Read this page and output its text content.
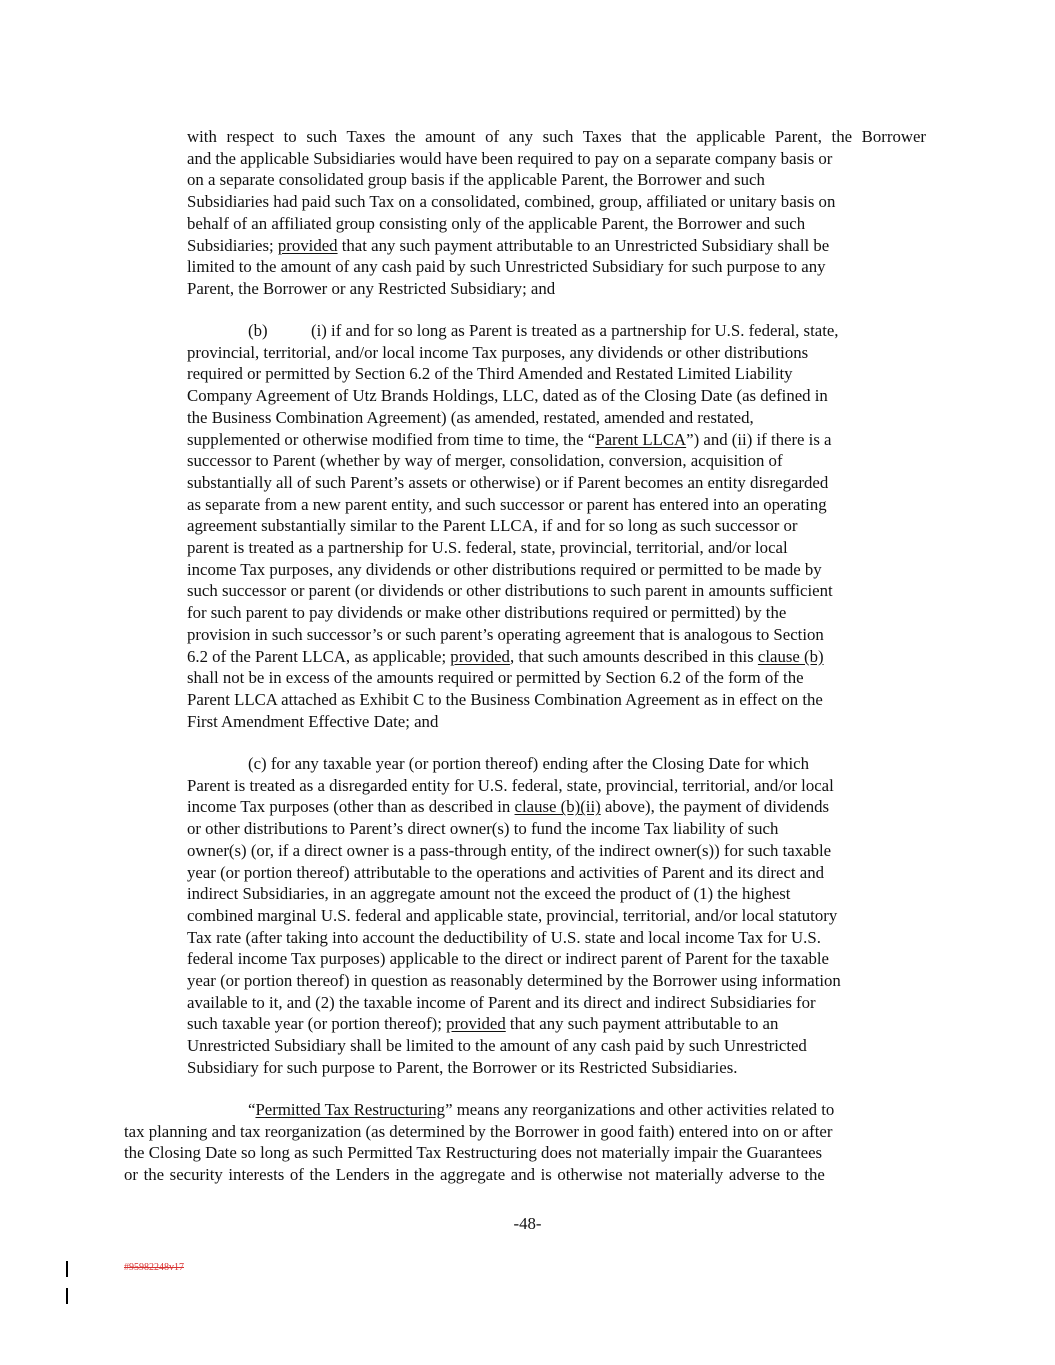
with respect to such Taxes the amount of any such Taxes that the applicable Parent, the Borrower
and the applicable Subsidiaries would have been required to pay on a separate company basis or
on a separate consolidated group basis if the applicable Parent, the Borrower and such
Subsidiaries had paid such Tax on a consolidated, combined, group, affiliated or unitary basis on
behalf of an affiliated group consisting only of the applicable Parent, the Borrower and such
Subsidiaries; provided that any such payment attributable to an Unrestricted Subsidiary shall be
limited to the amount of any cash paid by such Unrestricted Subsidiary for such purpose to any
Parent, the Borrower or any Restricted Subsidiary; and
(b)	(i) if and for so long as Parent is treated as a partnership for U.S. federal, state,
provincial, territorial, and/or local income Tax purposes, any dividends or other distributions
required or permitted by Section 6.2 of the Third Amended and Restated Limited Liability
Company Agreement of Utz Brands Holdings, LLC, dated as of the Closing Date (as defined in
the Business Combination Agreement) (as amended, restated, amended and restated,
supplemented or otherwise modified from time to time, the “Parent LLCA”) and (ii) if there is a
successor to Parent (whether by way of merger, consolidation, conversion, acquisition of
substantially all of such Parent’s assets or otherwise) or if Parent becomes an entity disregarded
as separate from a new parent entity, and such successor or parent has entered into an operating
agreement substantially similar to the Parent LLCA, if and for so long as such successor or
parent is treated as a partnership for U.S. federal, state, provincial, territorial, and/or local
income Tax purposes, any dividends or other distributions required or permitted to be made by
such successor or parent (or dividends or other distributions to such parent in amounts sufficient
for such parent to pay dividends or make other distributions required or permitted) by the
provision in such successor’s or such parent’s operating agreement that is analogous to Section
6.2 of the Parent LLCA, as applicable; provided, that such amounts described in this clause (b)
shall not be in excess of the amounts required or permitted by Section 6.2 of the form of the
Parent LLCA attached as Exhibit C to the Business Combination Agreement as in effect on the
First Amendment Effective Date; and
(c) for any taxable year (or portion thereof) ending after the Closing Date for which
Parent is treated as a disregarded entity for U.S. federal, state, provincial, territorial, and/or local
income Tax purposes (other than as described in clause (b)(ii) above), the payment of dividends
or other distributions to Parent’s direct owner(s) to fund the income Tax liability of such
owner(s) (or, if a direct owner is a pass-through entity, of the indirect owner(s)) for such taxable
year (or portion thereof) attributable to the operations and activities of Parent and its direct and
indirect Subsidiaries, in an aggregate amount not the exceed the product of (1) the highest
combined marginal U.S. federal and applicable state, provincial, territorial, and/or local statutory
Tax rate (after taking into account the deductibility of U.S. state and local income Tax for U.S.
federal income Tax purposes) applicable to the direct or indirect parent of Parent for the taxable
year (or portion thereof) in question as reasonably determined by the Borrower using information
available to it, and (2) the taxable income of Parent and its direct and indirect Subsidiaries for
such taxable year (or portion thereof); provided that any such payment attributable to an
Unrestricted Subsidiary shall be limited to the amount of any cash paid by such Unrestricted
Subsidiary for such purpose to Parent, the Borrower or its Restricted Subsidiaries.
“Permitted Tax Restructuring” means any reorganizations and other activities related to
tax planning and tax reorganization (as determined by the Borrower in good faith) entered into on or after
the Closing Date so long as such Permitted Tax Restructuring does not materially impair the Guarantees
or the security interests of the Lenders in the aggregate and is otherwise not materially adverse to the
-48-
#95982248v17
